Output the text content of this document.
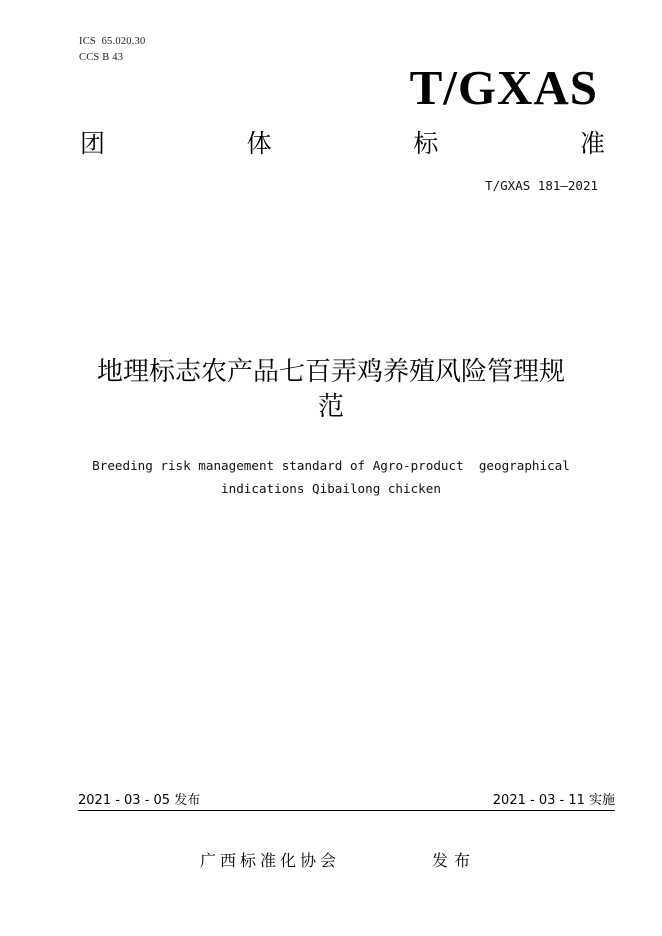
ICS  65.020.30
CCS B 43
T/GXAS
团	体	标	准
T/GXAS 181—2021
地理标志农产品七百弄鸡养殖风险管理规
范
Breeding risk management standard of Agro-product  geographical
indications Qibailong chicken
2021 - 03 - 05 发布	2021 - 03 - 11 实施
广西标准化协会	发布
